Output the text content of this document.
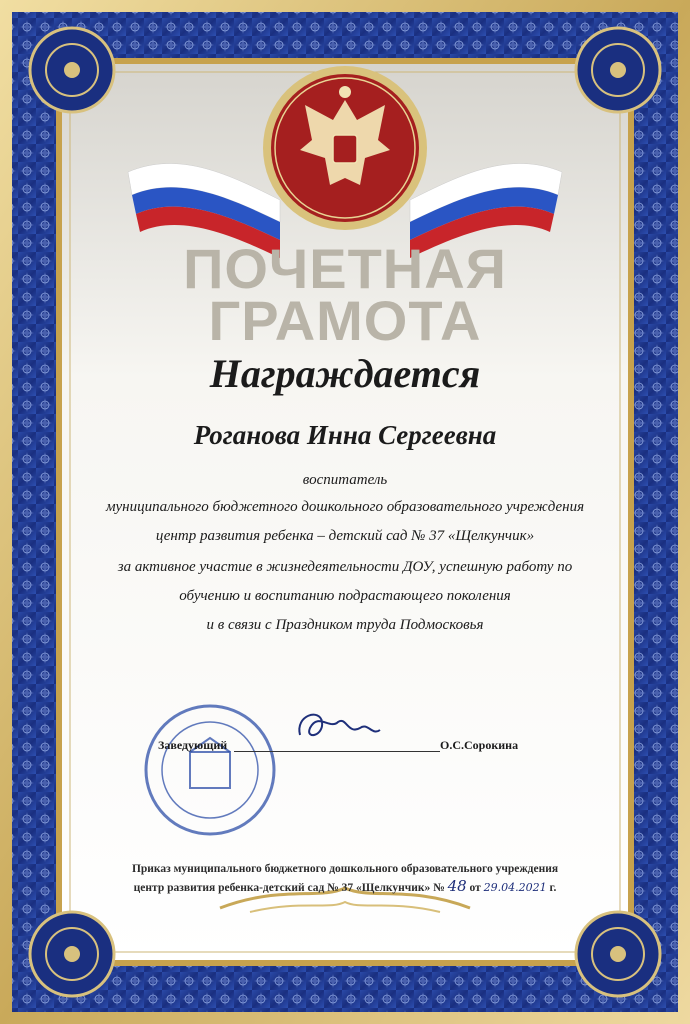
ПОЧЕТНАЯ
ГРАМОТА
Награждается
Роганова Инна Сергеевна
воспитатель
муниципального бюджетного дошкольного образовательного учреждения
центр развития ребенка – детский сад № 37 «Щелкунчик»
за активное участие в жизнедеятельности ДОУ, успешную работу по
обучению и воспитанию подрастающего поколения
и в связи с Праздником труда Подмосковья
Заведующий	О.С.Сорокина
Приказ муниципального бюджетного дошкольного образовательного учреждения
центр развития ребенка-детский сад № 37 «Щелкунчик» № 48 от 29.04.2021 г.
